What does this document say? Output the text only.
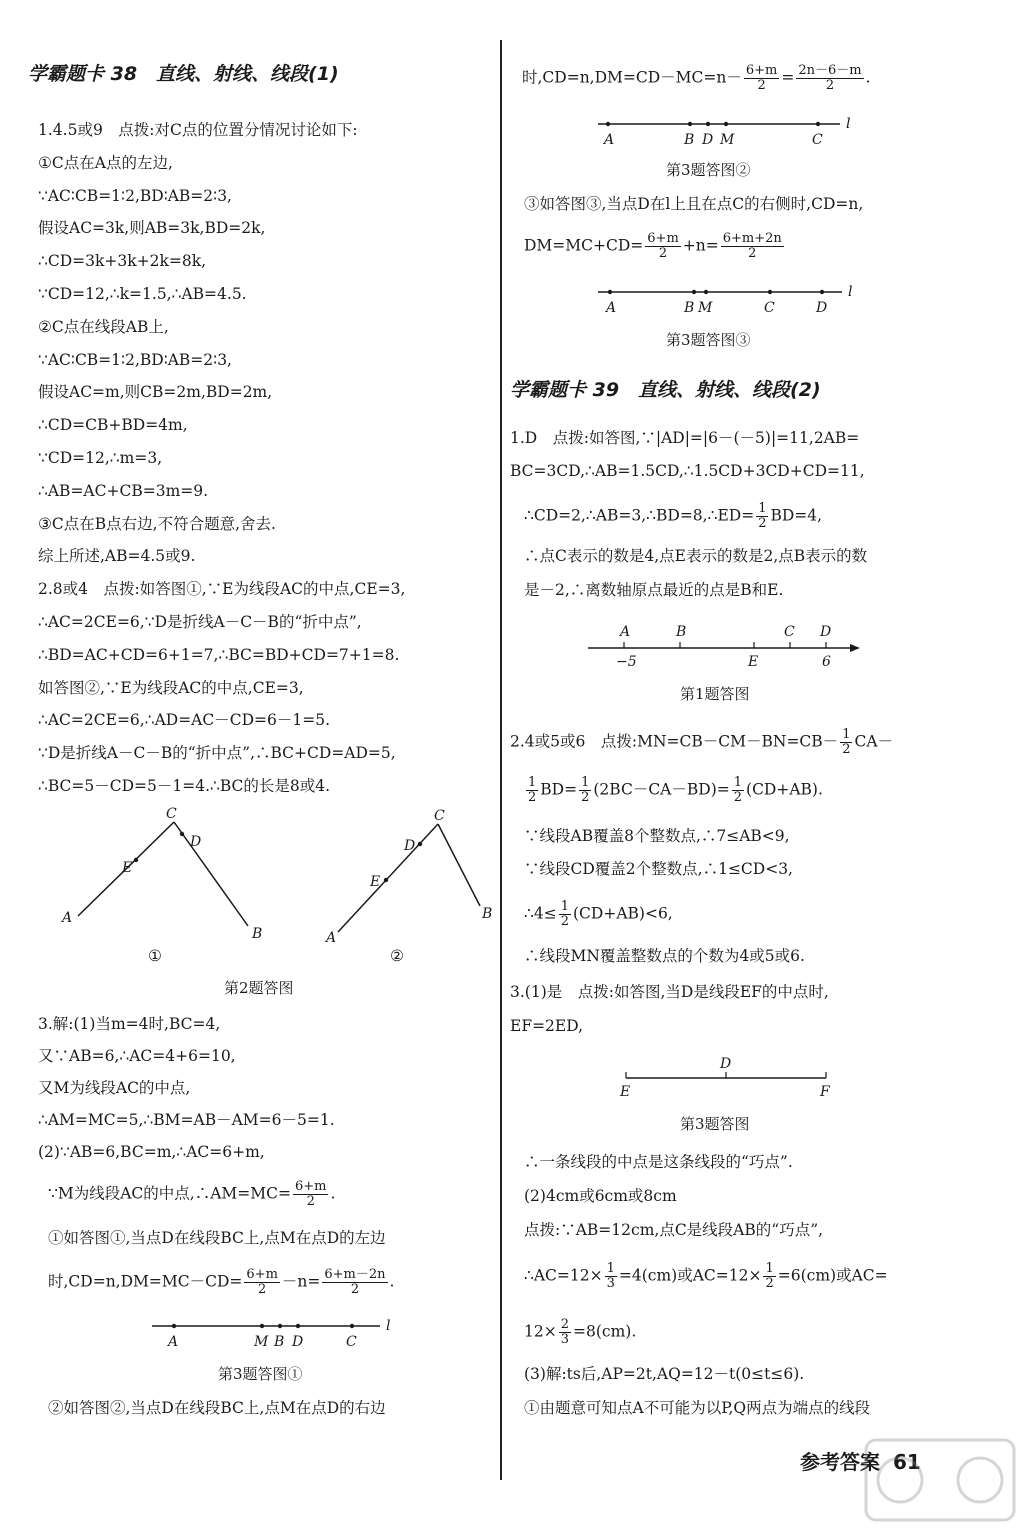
学霸题卡 38　直线、射线、线段(1)
1.4.5或9　点拨:对C点的位置分情况讨论如下:
①C点在A点的左边,
∵AC∶CB=1∶2,BD∶AB=2∶3,
假设AC=3k,则AB=3k,BD=2k,
∴CD=3k+3k+2k=8k,
∵CD=12,∴k=1.5,∴AB=4.5.
②C点在线段AB上,
∵AC∶CB=1∶2,BD∶AB=2∶3,
假设AC=m,则CB=2m,BD=2m,
∴CD=CB+BD=4m,
∵CD=12,∴m=3,
∴AB=AC+CB=3m=9.
③C点在B点右边,不符合题意,舍去.
综上所述,AB=4.5或9.
2.8或4　点拨:如答图①,∵E为线段AC的中点,CE=3,
∴AC=2CE=6,∵D是折线A－C－B的“折中点”,
∴BD=AC+CD=6+1=7,∴BC=BD+CD=7+1=8.
如答图②,∵E为线段AC的中点,CE=3,
∴AC=2CE=6,∴AD=AC－CD=6－1=5.
∵D是折线A－C－B的“折中点”,∴BC+CD=AD=5,
∴BC=5－CD=5－1=4.∴BC的长是8或4.
A
E
C
D
B	A
E
D
C
B
①	②
第2题答图
3.解:(1)当m=4时,BC=4,
又∵AB=6,∴AC=4+6=10,
又M为线段AC的中点,
∴AM=MC=5,∴BM=AB－AM=6－5=1.
(2)∵AB=6,BC=m,∴AC=6+m,
∵M为线段AC的中点,∴AM=MC= $\frac{6+m}{2}$ .
①如答图①,当点D在线段BC上,点M在点D的左边
时$,CD=n,DM=MC-CD= \frac{6+m}{2} -n= \frac{6+m-2n}{2}$ .
A	M B D	C
l
第3题答图①
②如答图②,当点D在线段BC上,点M在点D的右边
时$,CD=n,DM=CD-MC=n- \frac{6+m}{2} = \frac{2n-6-m}{2}$ .
A	B D M	C
l
第3题答图②
③如答图③,当点D在l上且在点C的右侧时,CD=n,
$DM=MC+CD= \frac{6+m}{2} +n= \frac{6+m+2n}{2}$
A	B M	C	D
l
第3题答图③
学霸题卡 39　直线、射线、线段(2)
1.D　点拨:如答图,∵|AD|=|6－(－5)|=11,2AB=
BC=3CD,∴AB=1.5CD,∴1.5CD+3CD+CD=11,
∴CD=2,∴AB=3,∴BD=8,∴ED= $\frac{1}{2} BD=4$,
∴点C表示的数是4,点E表示的数是2,点B表示的数
是－2,∴离数轴原点最近的点是B和E.
A	B	C D
−5	E	6
第1题答图
2.4或5或6　点拨:MN=CB－CM－BN=CB－ $\frac{1}{2} CA-$
$\frac{1}{2} BD= \frac{1}{2} (2BC-CA-BD)= \frac{1}{2} (CD+AB)$.
∵线段AB覆盖8个整数点,∴7≤AB<9,
∵线段CD覆盖2个整数点,∴1≤CD<3,
∴4≤ $\frac{1}{2} (CD+AB)<6$,
∴线段MN覆盖整数点的个数为4或5或6.
3.(1)是　点拨:如答图,当D是线段EF的中点时,
EF=2ED,
D
E	F
第3题答图
∴一条线段的中点是这条线段的“巧点”.
(2)4cm或6cm或8cm
点拨:∵AB=12cm,点C是线段AB的“巧点”,
∴AC=12× $\frac{1}{3} =4(cm)$或$AC=12\times \frac{1}{2} =6(cm)$或AC=
$12\times \frac{2}{3} =8(cm)$.
(3)解:ts后,AP=2t,AQ=12－t(0≤t≤6).
①由题意可知点A不可能为以P,Q两点为端点的线段
参考答案 61
